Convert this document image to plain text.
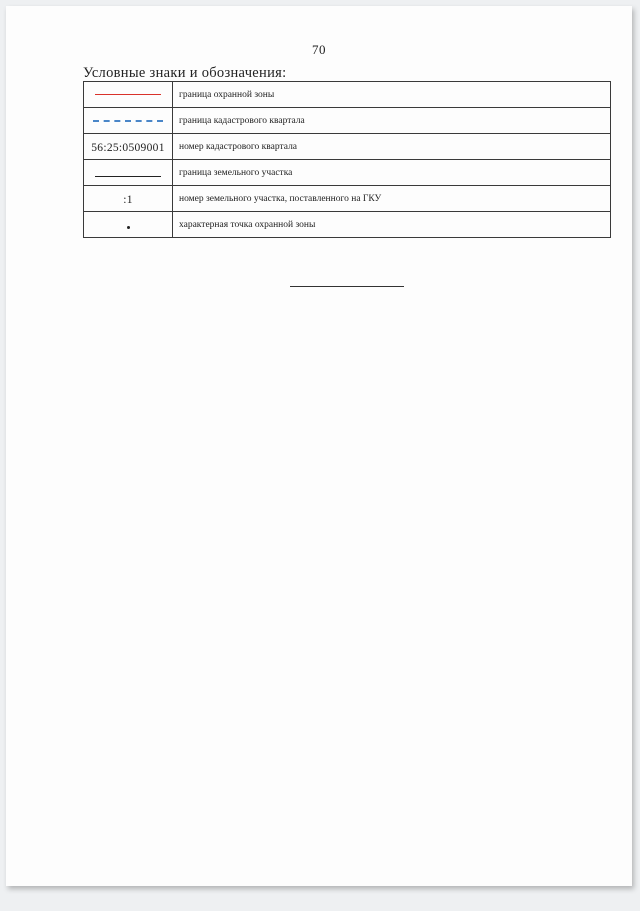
70
Условные знаки и обозначения:
	граница охранной зоны
	граница кадастрового квартала
56:25:0509001	номер кадастрового квартала
	граница земельного участка
:1	номер земельного участка, поставленного на ГКУ
	характерная точка охранной зоны
